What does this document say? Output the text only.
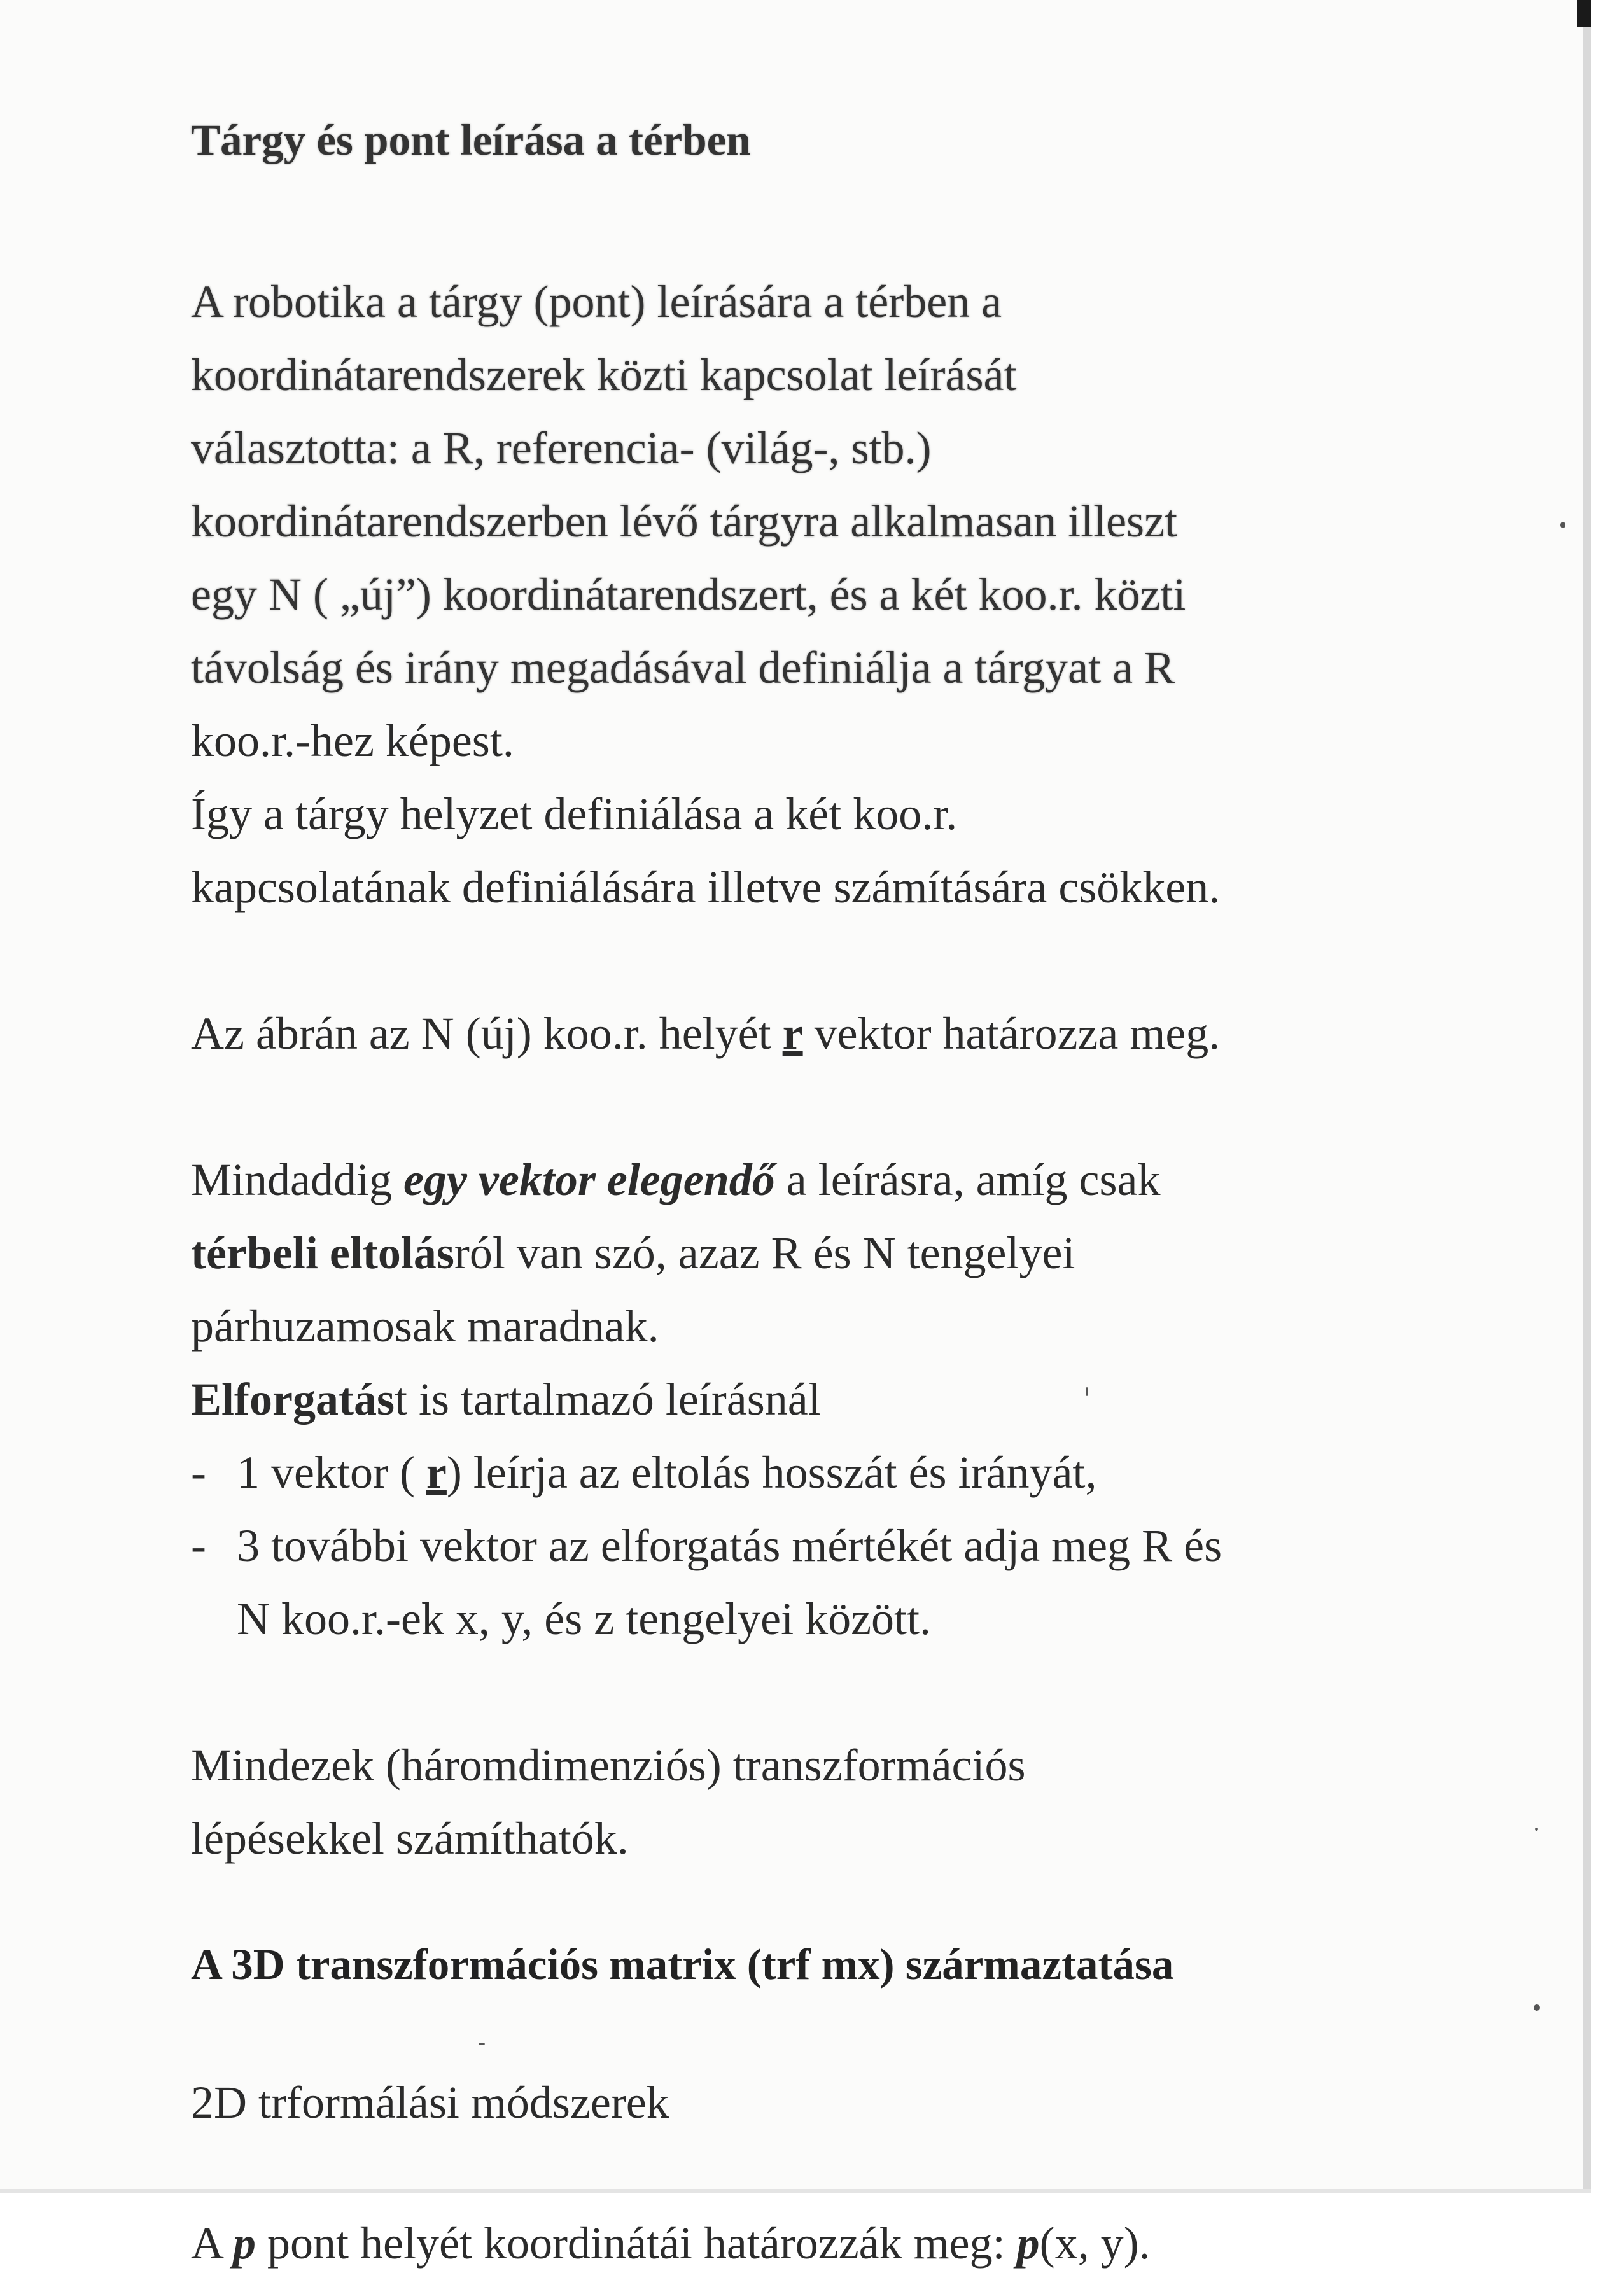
Tárgy és pont leírása a térben

A robotika a tárgy (pont) leírására a térben a

koordinátarendszerek közti kapcsolat leírását

választotta: a R, referencia- (világ-, stb.)

koordinátarendszerben lévő tárgyra alkalmasan illeszt

egy N ( „új”) koordinátarendszert, és a két koo.r. közti

távolság és irány megadásával definiálja a tárgyat a R

koo.r.-hez képest.

Így a tárgy helyzet definiálása a két koo.r.

kapcsolatának definiálására illetve számítására csökken.

Az ábrán az N (új) koo.r. helyét r vektor határozza meg.

Mindaddig egy vektor elegendő a leírásra, amíg csak

térbeli eltolásról van szó, azaz R és N tengelyei

párhuzamosak maradnak.

Elforgatást is tartalmazó leírásnál

- 1 vektor ( r) leírja az eltolás hosszát és irányát,
- 3 további vektor az elforgatás mértékét adja meg R és
N koo.r.-ek x, y, és z tengelyei között.

Mindezek (háromdimenziós) transzformációs

lépésekkel számíthatók.

A 3D transzformációs matrix (trf mx) származtatása

2D trformálási módszerek

A p pont helyét koordinátái határozzák meg: p(x, y).
